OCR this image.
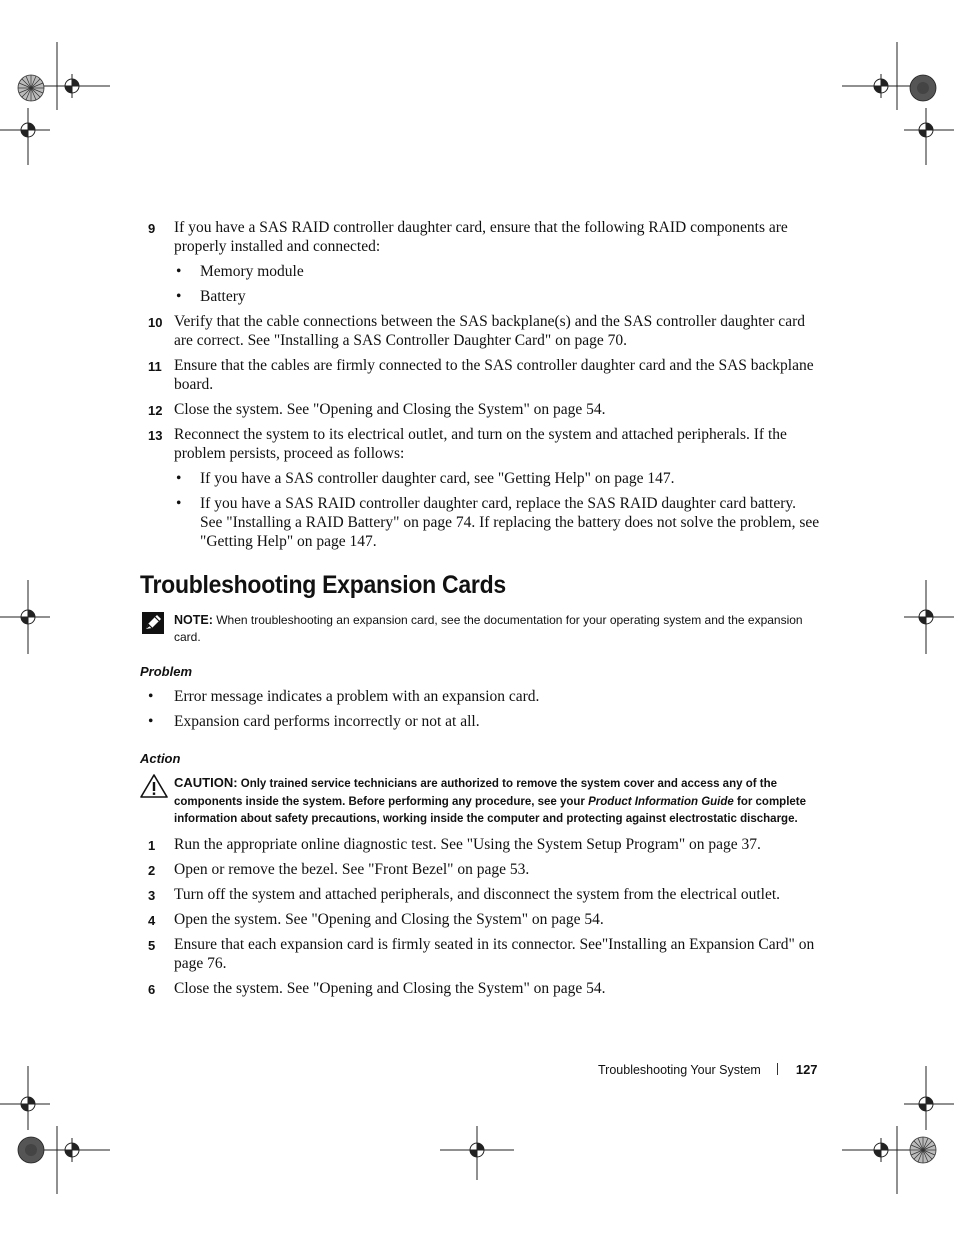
9	If you have a SAS RAID controller daughter card, ensure that the following RAID components are properly installed and connected:
• Memory module
• Battery
10 Verify that the cable connections between the SAS backplane(s) and the SAS controller daughter card are correct. See "Installing a SAS Controller Daughter Card" on page 70.
11 Ensure that the cables are firmly connected to the SAS controller daughter card and the SAS backplane board.
12 Close the system. See "Opening and Closing the System" on page 54.
13 Reconnect the system to its electrical outlet, and turn on the system and attached peripherals. If the problem persists, proceed as follows:
• If you have a SAS controller daughter card, see "Getting Help" on page 147.
• If you have a SAS RAID controller daughter card, replace the SAS RAID daughter card battery. See "Installing a RAID Battery" on page 74. If replacing the battery does not solve the problem, see "Getting Help" on page 147.
Troubleshooting Expansion Cards
NOTE: When troubleshooting an expansion card, see the documentation for your operating system and the expansion card.
Problem
• Error message indicates a problem with an expansion card.
• Expansion card performs incorrectly or not at all.
Action
CAUTION: Only trained service technicians are authorized to remove the system cover and access any of the components inside the system. Before performing any procedure, see your Product Information Guide for complete information about safety precautions, working inside the computer and protecting against electrostatic discharge.
1	Run the appropriate online diagnostic test. See "Using the System Setup Program" on page 37.
2	Open or remove the bezel. See "Front Bezel" on page 53.
3	Turn off the system and attached peripherals, and disconnect the system from the electrical outlet.
4	Open the system. See "Opening and Closing the System" on page 54.
5	Ensure that each expansion card is firmly seated in its connector. See"Installing an Expansion Card" on page 76.
6	Close the system. See "Opening and Closing the System" on page 54.
Troubleshooting Your System	127
